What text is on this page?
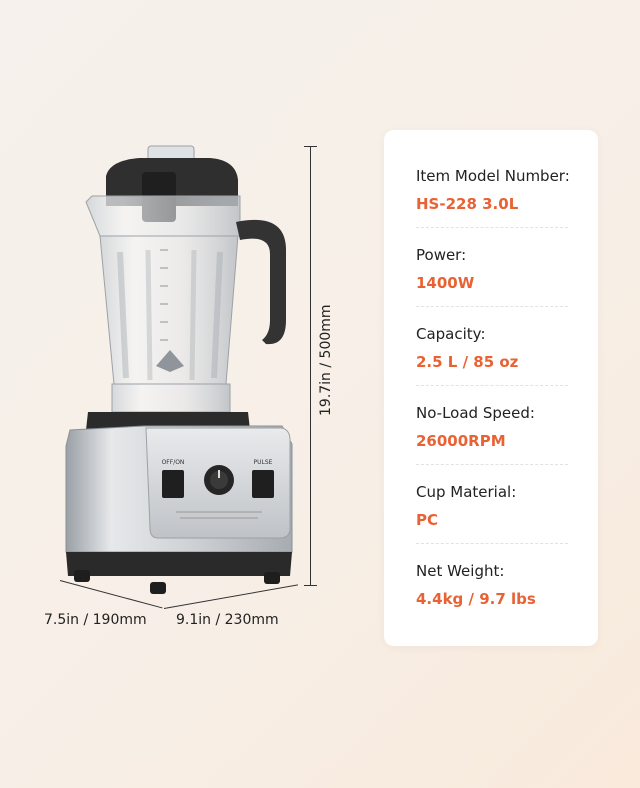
OFF/ON	PULSE
19.7in / 500mm
7.5in / 190mm 9.1in / 230mm
Item Model Number:
HS-228 3.0L
Power:
1400W
Capacity:
2.5 L / 85 oz
No-Load Speed:
26000RPM
Cup Material:
PC
Net Weight:
4.4kg / 9.7 lbs
